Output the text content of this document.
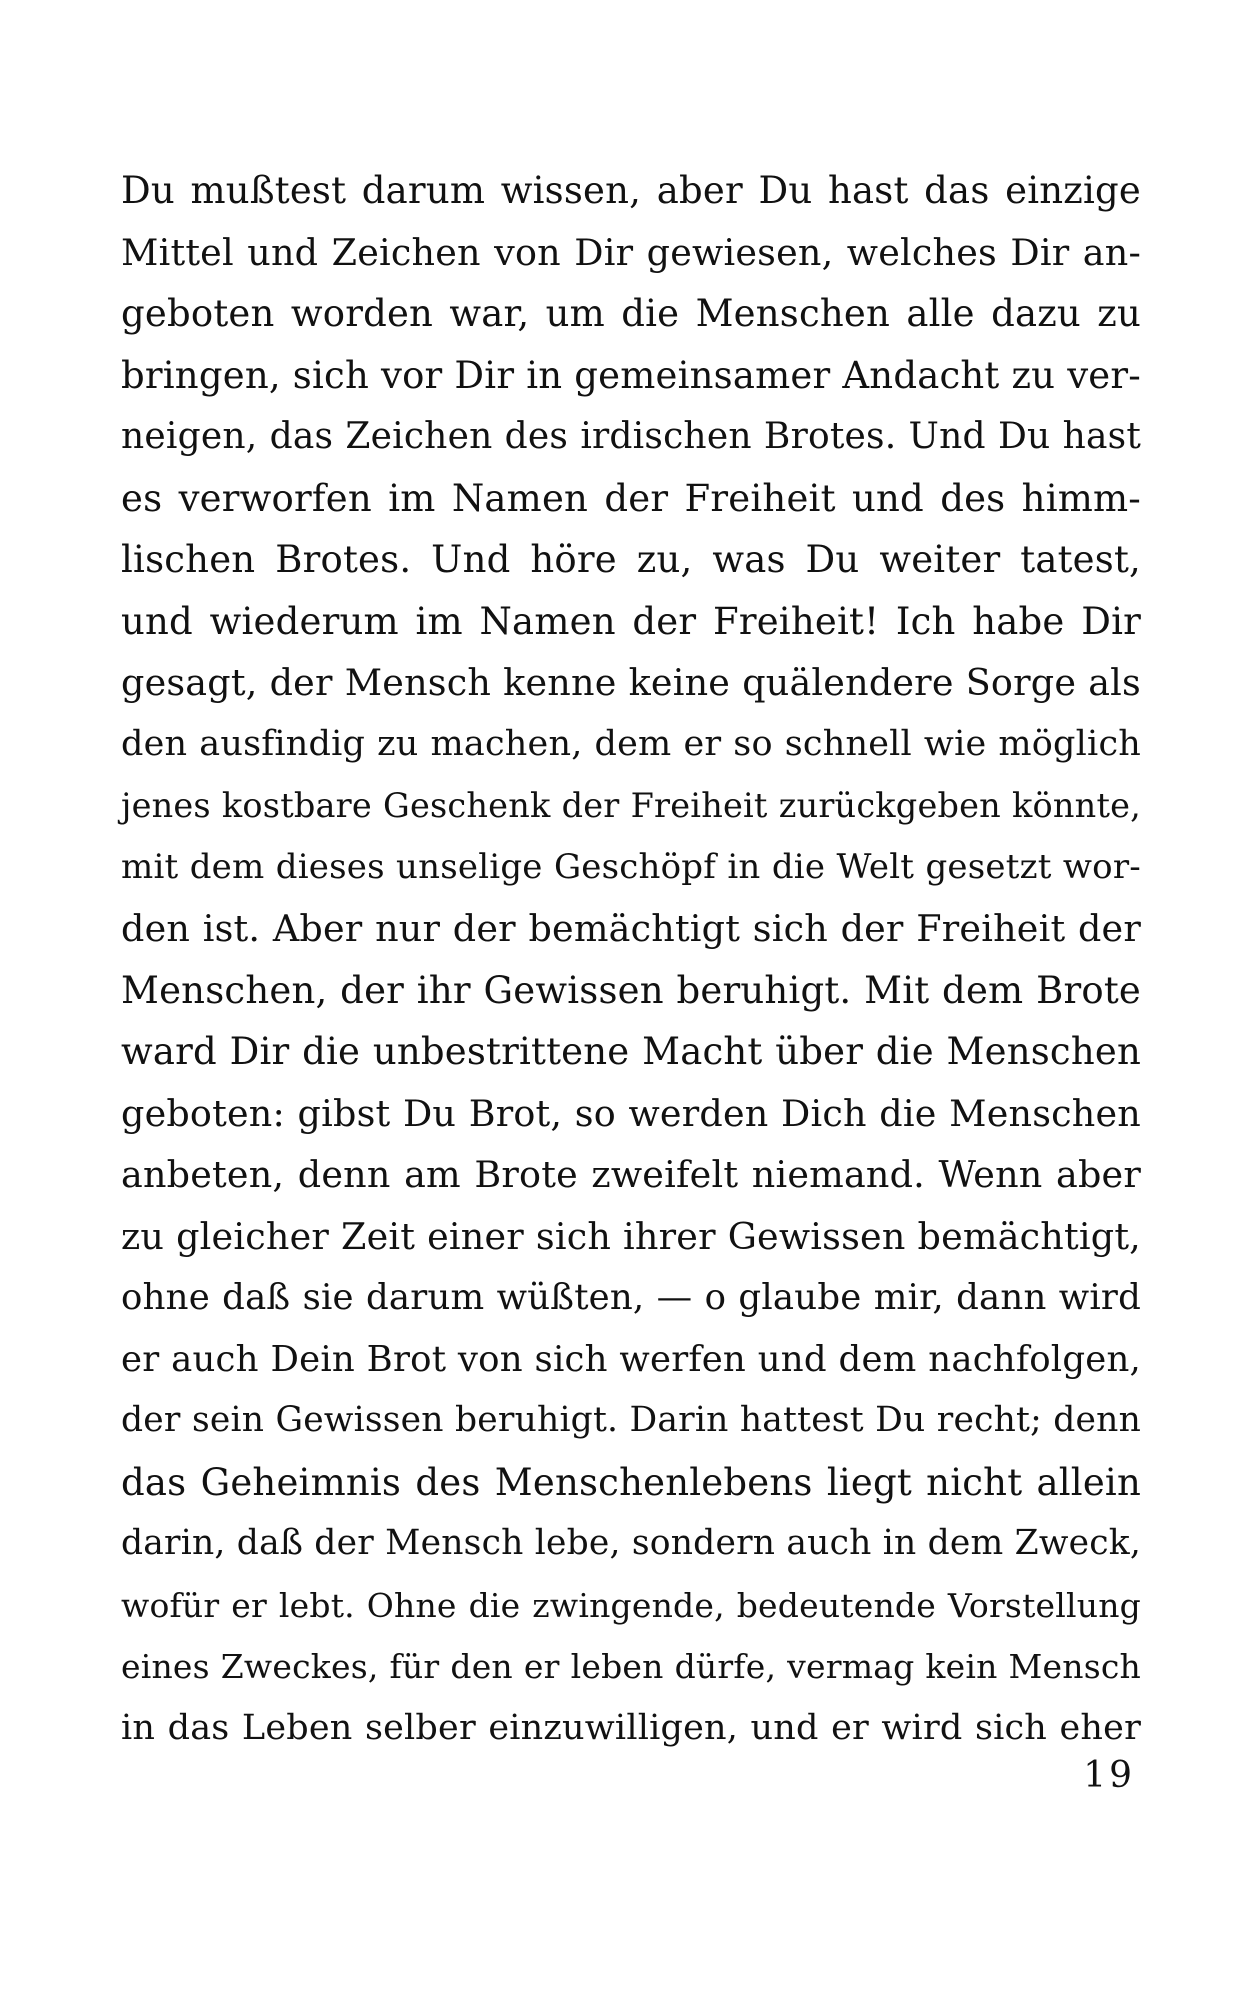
Du mußtest darum wissen, aber Du hast das einzige
Mittel und Zeichen von Dir gewiesen, welches Dir an-
geboten worden war, um die Menschen alle dazu zu
bringen, sich vor Dir in gemeinsamer Andacht zu ver-
neigen, das Zeichen des irdischen Brotes. Und Du hast
es verworfen im Namen der Freiheit und des himm-
lischen Brotes. Und höre zu, was Du weiter tatest,
und wiederum im Namen der Freiheit! Ich habe Dir
gesagt, der Mensch kenne keine quälendere Sorge als
den ausfindig zu machen, dem er so schnell wie möglich
jenes kostbare Geschenk der Freiheit zurückgeben könnte,
mit dem dieses unselige Geschöpf in die Welt gesetzt wor-
den ist. Aber nur der bemächtigt sich der Freiheit der
Menschen, der ihr Gewissen beruhigt. Mit dem Brote
ward Dir die unbestrittene Macht über die Menschen
geboten: gibst Du Brot, so werden Dich die Menschen
anbeten, denn am Brote zweifelt niemand. Wenn aber
zu gleicher Zeit einer sich ihrer Gewissen bemächtigt,
ohne daß sie darum wüßten, — o glaube mir, dann wird
er auch Dein Brot von sich werfen und dem nachfolgen,
der sein Gewissen beruhigt. Darin hattest Du recht; denn
das Geheimnis des Menschenlebens liegt nicht allein
darin, daß der Mensch lebe, sondern auch in dem Zweck,
wofür er lebt. Ohne die zwingende, bedeutende Vorstellung
eines Zweckes, für den er leben dürfe, vermag kein Mensch
in das Leben selber einzuwilligen, und er wird sich eher
19
